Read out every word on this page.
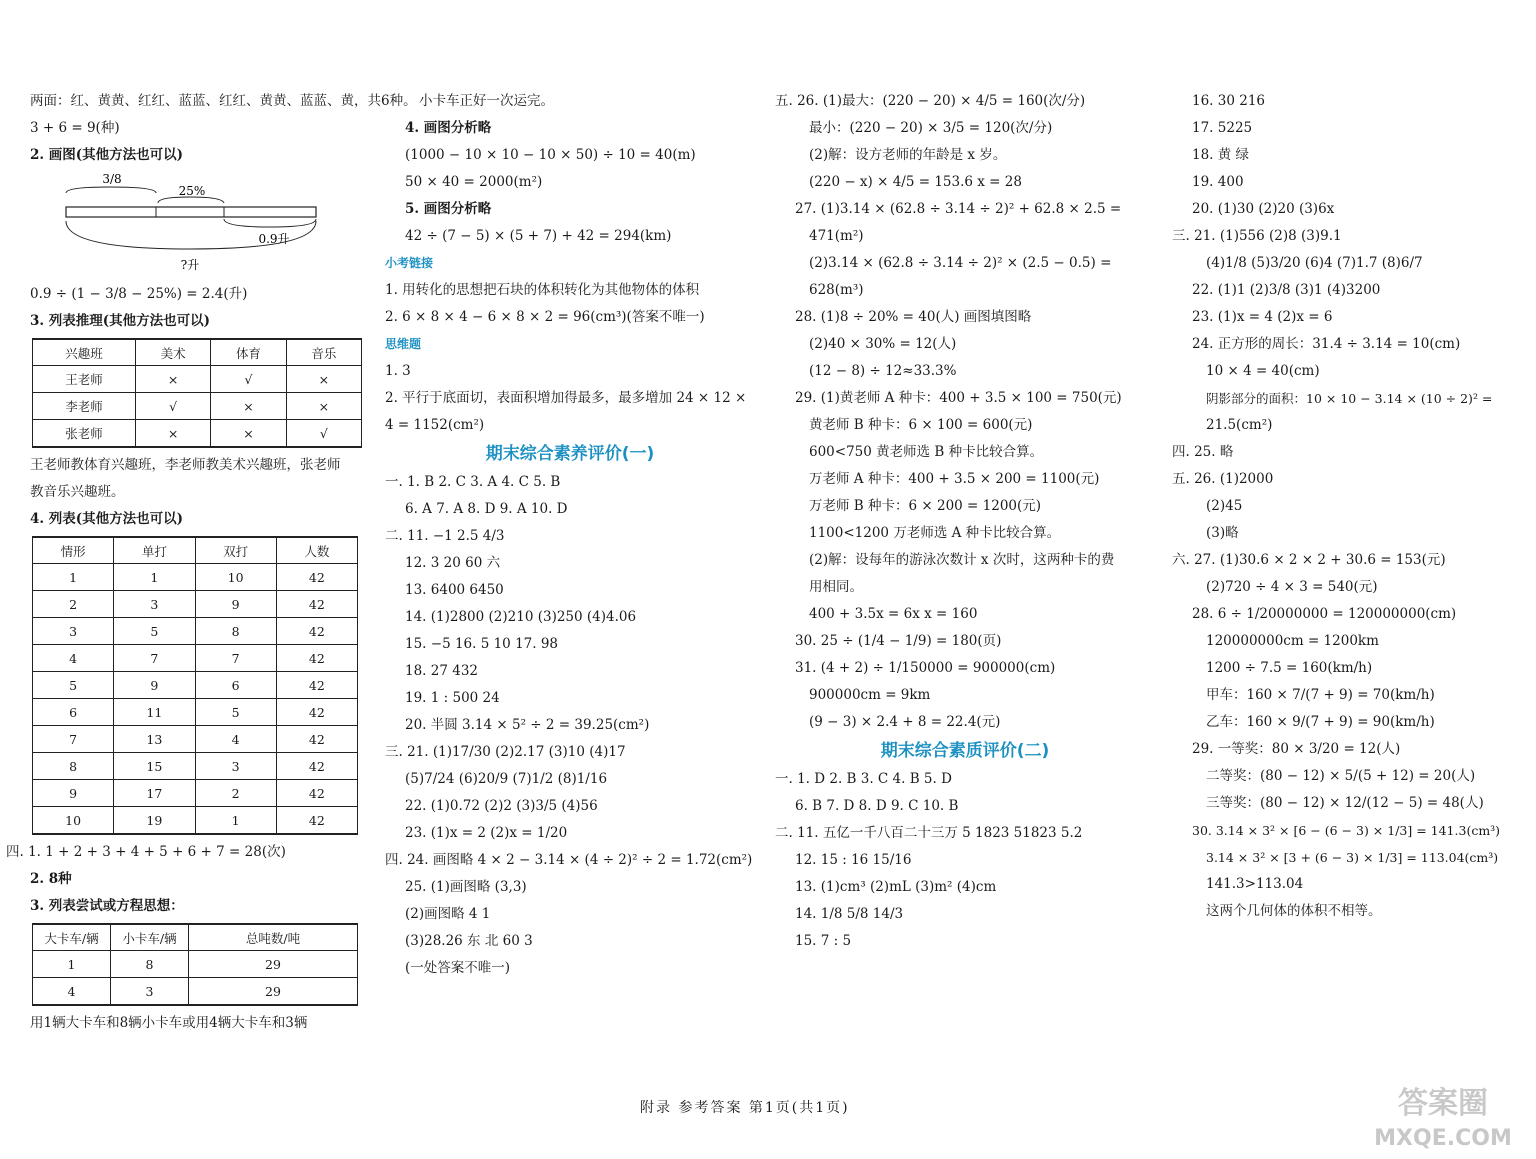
两面：红、黄黄、红红、蓝蓝、红红、黄黄、蓝蓝、黄，共6种。
3 + 6 = 9(种)
2. 画图(其他方法也可以)
3/8
25%
0.9升
?升
0.9 ÷ (1 − 3/8 − 25%) = 2.4(升)
3. 列表推理(其他方法也可以)
兴趣班	美术	体育	音乐
王老师	×	√	×
李老师	√	×	×
张老师	×	×	√
王老师教体育兴趣班，李老师教美术兴趣班，张老师
教音乐兴趣班。
4. 列表(其他方法也可以)
情形	单打	双打	人数
1	1	10	42
2	3	9	42
3	5	8	42
4	7	7	42
5	9	6	42
6	11	5	42
7	13	4	42
8	15	3	42
9	17	2	42
10	19	1	42
四. 1. 1 + 2 + 3 + 4 + 5 + 6 + 7 = 28(次)
2. 8种
3. 列表尝试或方程思想：
大卡车/辆	小卡车/辆	总吨数/吨
1	8	29
4	3	29
用1辆大卡车和8辆小卡车或用4辆大卡车和3辆
小卡车正好一次运完。
4. 画图分析略
(1000 − 10 × 10 − 10 × 50) ÷ 10 = 40(m)
50 × 40 = 2000(m²)
5. 画图分析略
42 ÷ (7 − 5) × (5 + 7) + 42 = 294(km)
小考链接
1. 用转化的思想把石块的体积转化为其他物体的体积
2. 6 × 8 × 4 − 6 × 8 × 2 = 96(cm³)(答案不唯一)
思维题
1. 3
2. 平行于底面切，表面积增加得最多，最多增加 24 × 12 ×
4 = 1152(cm²)
期末综合素养评价(一)
一. 1. B 2. C 3. A 4. C 5. B
6. A 7. A 8. D 9. A 10. D
二. 11. −1 2.5 4/3
12. 3 20 60 六
13. 6400 6450
14. (1)2800 (2)210 (3)250 (4)4.06
15. −5 16. 5 10 17. 98
18. 27 432
19. 1 : 500 24
20. 半圆 3.14 × 5² ÷ 2 = 39.25(cm²)
三. 21. (1)17/30 (2)2.17 (3)10 (4)17
(5)7/24 (6)20/9 (7)1/2 (8)1/16
22. (1)0.72 (2)2 (3)3/5 (4)56
23. (1)x = 2 (2)x = 1/20
四. 24. 画图略 4 × 2 − 3.14 × (4 ÷ 2)² ÷ 2 = 1.72(cm²)
25. (1)画图略 (3,3)
(2)画图略 4 1
(3)28.26 东 北 60 3
(一处答案不唯一)
五. 26. (1)最大：(220 − 20) × 4/5 = 160(次/分)
最小：(220 − 20) × 3/5 = 120(次/分)
(2)解：设方老师的年龄是 x 岁。
(220 − x) × 4/5 = 153.6 x = 28
27. (1)3.14 × (62.8 ÷ 3.14 ÷ 2)² + 62.8 × 2.5 =
471(m²)
(2)3.14 × (62.8 ÷ 3.14 ÷ 2)² × (2.5 − 0.5) =
628(m³)
28. (1)8 ÷ 20% = 40(人) 画图填图略
(2)40 × 30% = 12(人)
(12 − 8) ÷ 12≈33.3%
29. (1)黄老师 A 种卡：400 + 3.5 × 100 = 750(元)
黄老师 B 种卡：6 × 100 = 600(元)
600<750 黄老师选 B 种卡比较合算。
万老师 A 种卡：400 + 3.5 × 200 = 1100(元)
万老师 B 种卡：6 × 200 = 1200(元)
1100<1200 万老师选 A 种卡比较合算。
(2)解：设每年的游泳次数计 x 次时，这两种卡的费
用相同。
400 + 3.5x = 6x x = 160
30. 25 ÷ (1/4 − 1/9) = 180(页)
31. (4 + 2) ÷ 1/150000 = 900000(cm)
900000cm = 9km
(9 − 3) × 2.4 + 8 = 22.4(元)
期末综合素质评价(二)
一. 1. D 2. B 3. C 4. B 5. D
6. B 7. D 8. D 9. C 10. B
二. 11. 五亿一千八百二十三万 5 1823 51823 5.2
12. 15 : 16 15/16
13. (1)cm³ (2)mL (3)m² (4)cm
14. 1/8 5/8 14/3
15. 7 : 5
16. 30 216
17. 5225
18. 黄 绿
19. 400
20. (1)30 (2)20 (3)6x
三. 21. (1)556 (2)8 (3)9.1
(4)1/8 (5)3/20 (6)4 (7)1.7 (8)6/7
22. (1)1 (2)3/8 (3)1 (4)3200
23. (1)x = 4 (2)x = 6
24. 正方形的周长：31.4 ÷ 3.14 = 10(cm)
10 × 4 = 40(cm)
阴影部分的面积：10 × 10 − 3.14 × (10 ÷ 2)² =
21.5(cm²)
四. 25. 略
五. 26. (1)2000
(2)45
(3)略
六. 27. (1)30.6 × 2 × 2 + 30.6 = 153(元)
(2)720 ÷ 4 × 3 = 540(元)
28. 6 ÷ 1/20000000 = 120000000(cm)
120000000cm = 1200km
1200 ÷ 7.5 = 160(km/h)
甲车：160 × 7/(7 + 9) = 70(km/h)
乙车：160 × 9/(7 + 9) = 90(km/h)
29. 一等奖：80 × 3/20 = 12(人)
二等奖：(80 − 12) × 5/(5 + 12) = 20(人)
三等奖：(80 − 12) × 12/(12 − 5) = 48(人)
30. 3.14 × 3² × [6 − (6 − 3) × 1/3] = 141.3(cm³)
3.14 × 3² × [3 + (6 − 3) × 1/3] = 113.04(cm³)
141.3>113.04
这两个几何体的体积不相等。
附录 参考答案 第1页(共1页)	答案圈
MXQE.COM
